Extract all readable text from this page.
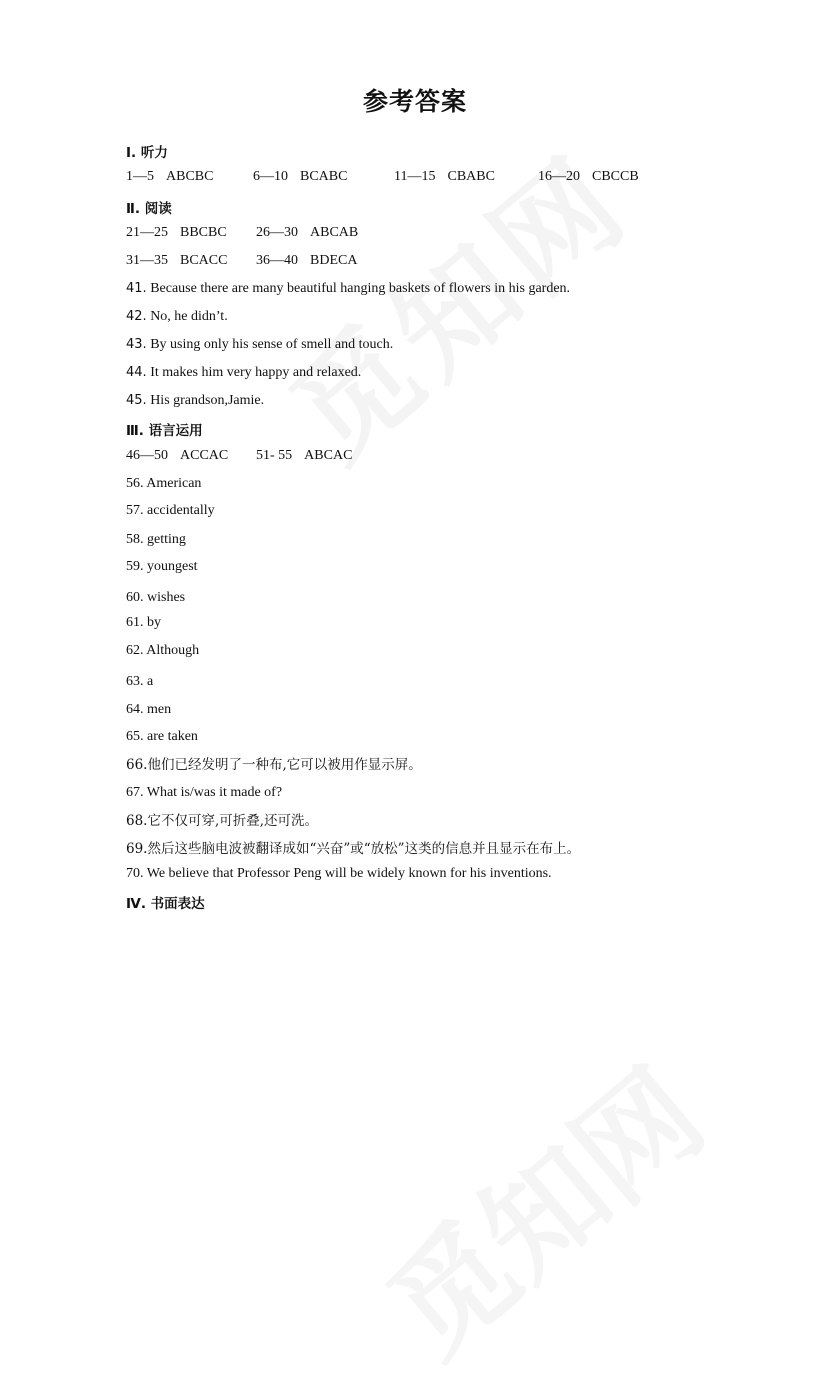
参考答案
Ⅰ. 听力
1—5 ABCBC	6—10 BCABC	11—15 CBABC	16—20 CBCCB
Ⅱ. 阅读
21—25 BBCBC 26—30 ABCAB
31—35 BCACC 36—40 BDECA
41. Because there are many beautiful hanging baskets of flowers in his garden.
42. No, he didn’t.
43. By using only his sense of smell and touch.
44. It makes him very happy and relaxed.
45. His grandson,Jamie.
Ⅲ. 语言运用
46—50 ACCAC 51- 55 ABCAC
56. American
57. accidentally
58. getting
59. youngest
60. wishes
61. by
62. Although
63. a
64. men
65. are taken
66.他们已经发明了一种布,它可以被用作显示屏。
67. What is/was it made of?
68.它不仅可穿,可折叠,还可洗。
69.然后这些脑电波被翻译成如“兴奋”或“放松”这类的信息并且显示在布上。
70. We believe that Professor Peng will be widely known for his inventions.
Ⅳ. 书面表达
